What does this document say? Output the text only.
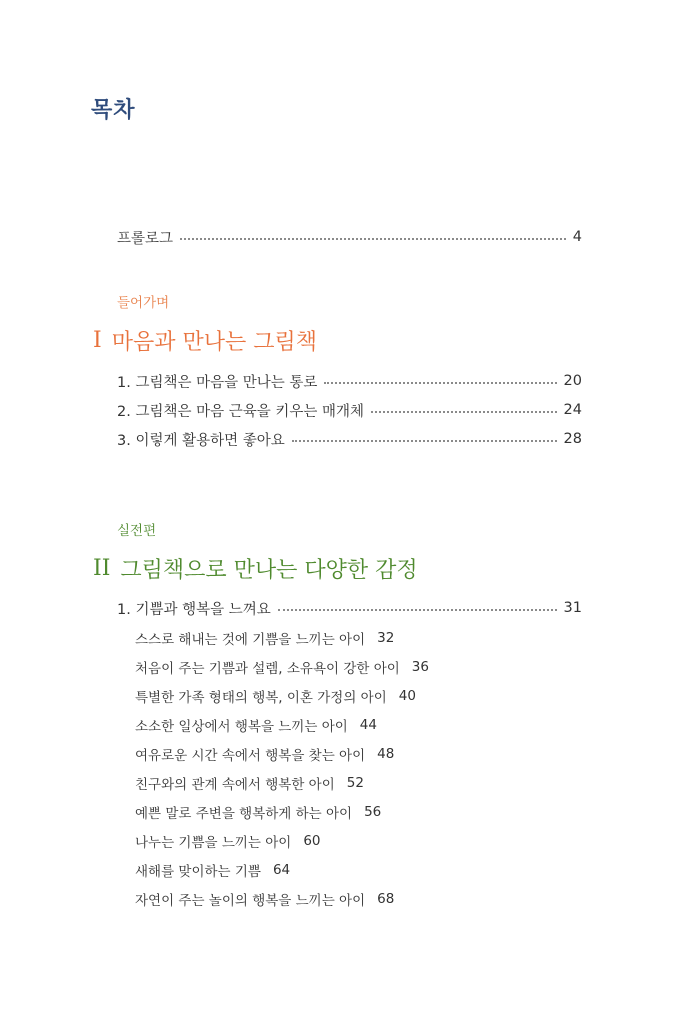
목차
프롤로그	4
들어가며
I 마음과 만나는 그림책
1. 그림책은 마음을 만나는 통로	20
2. 그림책은 마음 근육을 키우는 매개체	24
3. 이렇게 활용하면 좋아요	28
실전편
II 그림책으로 만나는 다양한 감정
1. 기쁨과 행복을 느껴요	31
스스로 해내는 것에 기쁨을 느끼는 아이 32
처음이 주는 기쁨과 설렘, 소유욕이 강한 아이 36
특별한 가족 형태의 행복, 이혼 가정의 아이 40
소소한 일상에서 행복을 느끼는 아이 44
여유로운 시간 속에서 행복을 찾는 아이 48
친구와의 관계 속에서 행복한 아이 52
예쁜 말로 주변을 행복하게 하는 아이 56
나누는 기쁨을 느끼는 아이 60
새해를 맞이하는 기쁨 64
자연이 주는 놀이의 행복을 느끼는 아이 68
